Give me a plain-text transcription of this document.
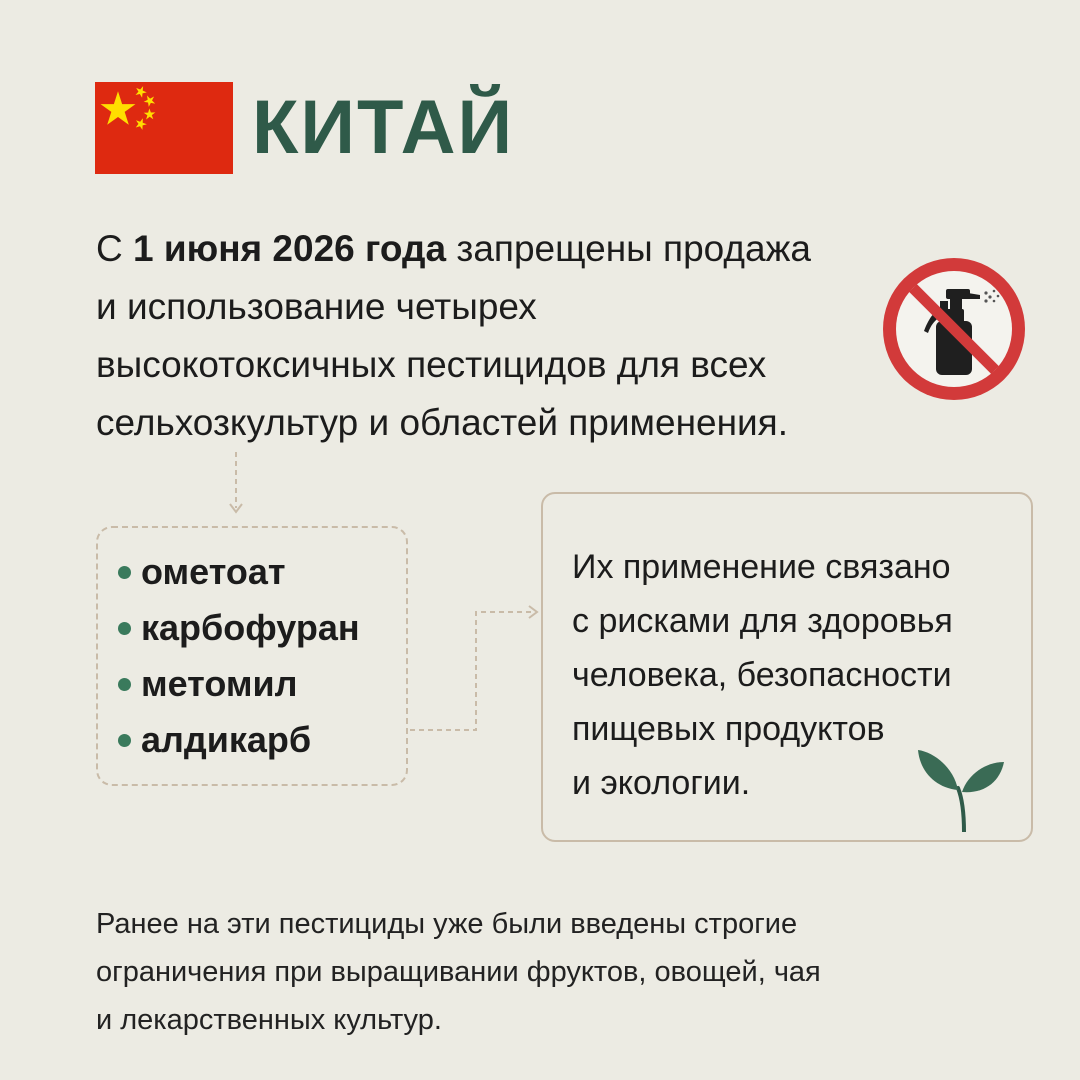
КИТАЙ

С 1 июня 2026 года запрещены продажа
и использование четырех
высокотоксичных пестицидов для всех
сельхозкультур и областей применения.

ометоат
карбофуран
метомил
алдикарб

Их применение связано
с рисками для здоровья
человека, безопасности
пищевых продуктов
и экологии.

Ранее на эти пестициды уже были введены строгие
ограничения при выращивании фруктов, овощей, чая
и лекарственных культур.
